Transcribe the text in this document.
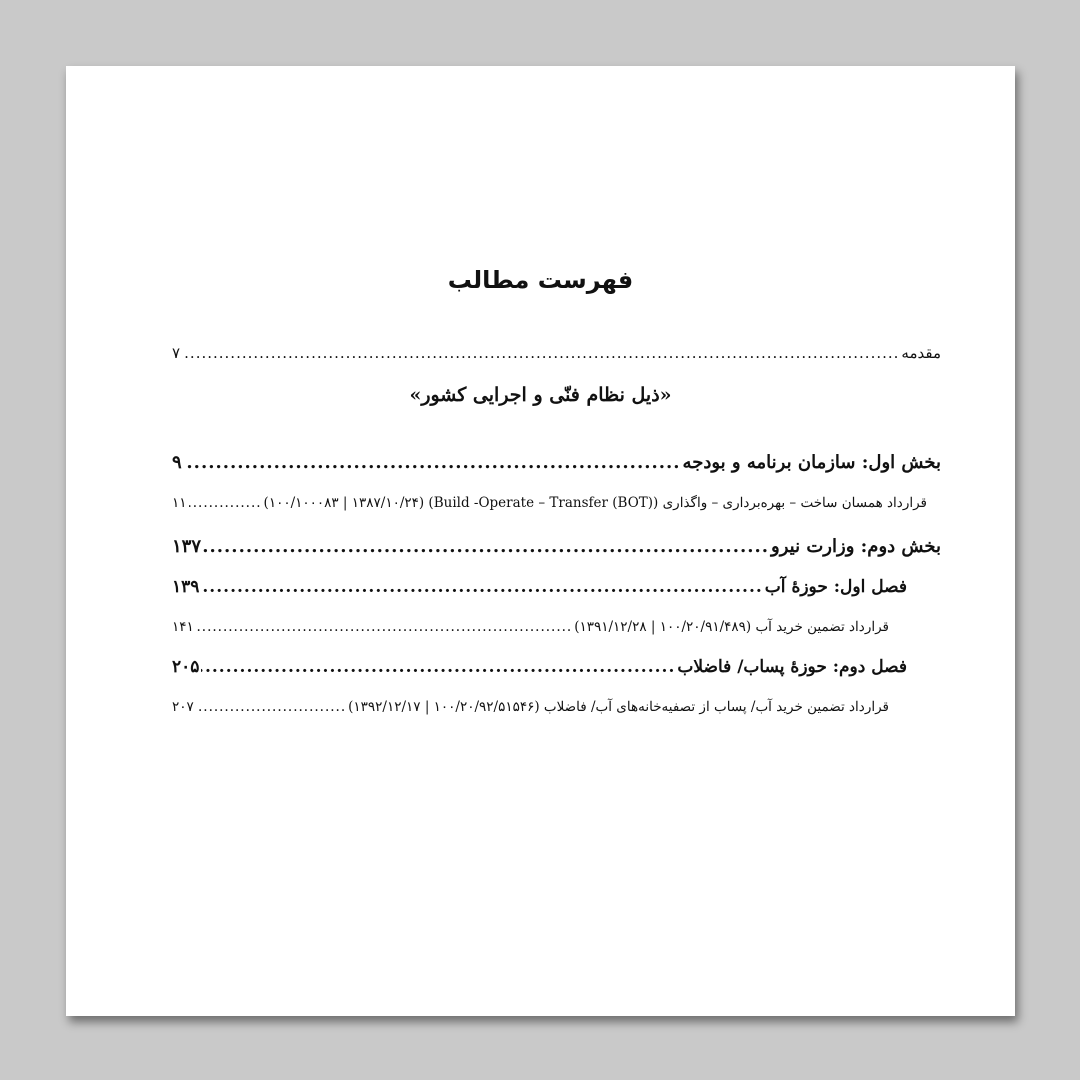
فهرست مطالب
مقدمه
.....
۷
«ذیل نظام فنّی و اجرایی کشور»
بخش اول: سازمان برنامه و بودجه
.....
۹
قرارداد همسان ساخت – بهره‌برداری – واگذاری (Build -Operate – Transfer (BOT)) (۱۰۰/۱۰۰۰۸۳ | ۱۳۸۷/۱۰/۲۴)
.....
۱۱
بخش دوم: وزارت نیرو
.....
۱۳۷
فصل اول: حوزهٔ آب
.....
۱۳۹
قرارداد تضمین خرید آب (۱۰۰/۲۰/۹۱/۴۸۹ | ۱۳۹۱/۱۲/۲۸)
.....
۱۴۱
فصل دوم: حوزهٔ پساب/ فاضلاب
.....
۲۰۵
قرارداد تضمین خرید آب/ پساب از تصفیه‌خانه‌های آب/ فاضلاب (۱۰۰/۲۰/۹۲/۵۱۵۴۶ | ۱۳۹۲/۱۲/۱۷)
.....
۲۰۷
